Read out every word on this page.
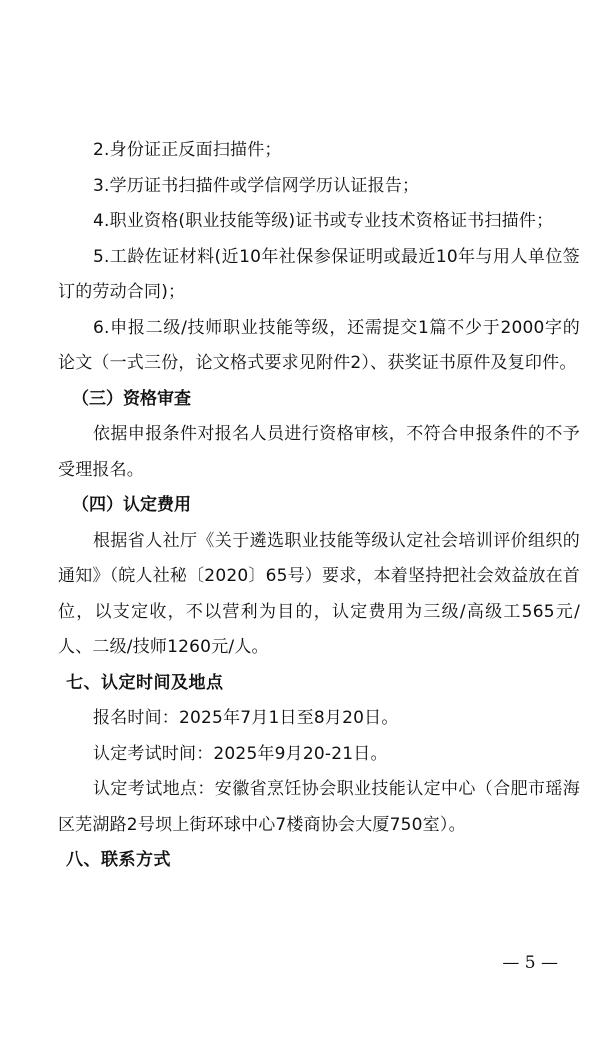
2.身份证正反面扫描件；

3.学历证书扫描件或学信网学历认证报告；

4.职业资格(职业技能等级)证书或专业技术资格证书扫描件；

5.工龄佐证材料(近10年社保参保证明或最近10年与用人单位签订的劳动合同)；

6.申报二级/技师职业技能等级，还需提交1篇不少于2000字的论文（一式三份，论文格式要求见附件2）、获奖证书原件及复印件。

（三）资格审查

依据申报条件对报名人员进行资格审核，不符合申报条件的不予受理报名。

（四）认定费用

根据省人社厅《关于遴选职业技能等级认定社会培训评价组织的通知》（皖人社秘〔2020〕65号）要求，本着坚持把社会效益放在首位，以支定收，不以营利为目的，认定费用为三级/高级工565元/人、二级/技师1260元/人。

七、认定时间及地点

报名时间：2025年7月1日至8月20日。

认定考试时间：2025年9月20-21日。

认定考试地点：安徽省烹饪协会职业技能认定中心（合肥市瑶海区芜湖路2号坝上街环球中心7楼商协会大厦750室）。

八、联系方式

— 5 —
